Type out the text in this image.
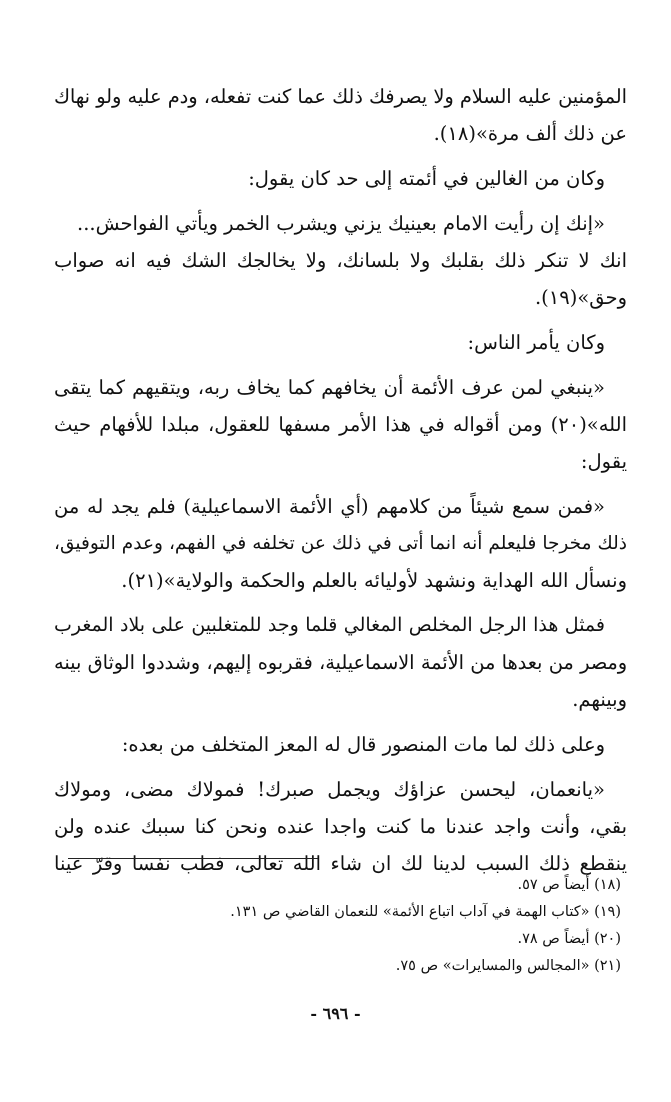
المؤمنين عليه السلام ولا يصرفك ذلك عما كنت تفعله، ودم عليه ولو نهاك
عن ذلك ألف مرة»(١٨).
وكان من الغالين في أئمته إلى حد كان يقول:
«إنك إن رأيت الامام بعينيك يزني ويشرب الخمر ويأتي الفواحش...
انك لا تنكر ذلك بقلبك ولا بلسانك، ولا يخالجك الشك فيه انه صواب
وحق»(١٩).
وكان يأمر الناس:
«ينبغي لمن عرف الأئمة أن يخافهم كما يخاف ربه، ويتقيهم كما يتقى
الله»(٢٠) ومن أقواله في هذا الأمر مسفها للعقول، مبلدا للأفهام حيث
يقول:
«فمن سمع شيئاً من كلامهم (أي الأئمة الاسماعيلية) فلم يجد له من
ذلك مخرجا فليعلم أنه انما أتى في ذلك عن تخلفه في الفهم، وعدم التوفيق،
ونسأل الله الهداية ونشهد لأوليائه بالعلم والحكمة والولاية»(٢١).
فمثل هذا الرجل المخلص المغالي قلما وجد للمتغلبين على بلاد المغرب
ومصر من بعدها من الأئمة الاسماعيلية، فقربوه إليهم، وشددوا الوثاق بينه
وبينهم.
وعلى ذلك لما مات المنصور قال له المعز المتخلف من بعده:
«يانعمان، ليحسن عزاؤك ويجمل صبرك! فمولاك مضى، ومولاك
بقي، وأنت واجد عندنا ما كنت واجدا عنده ونحن كنا سببك عنده ولن
ينقطع ذلك السبب لدينا لك ان شاء الله تعالى، فطب نفسا وقرّ عينا
(١٨) أيضاً ص ٥٧.
(١٩) «كتاب الهمة في آداب اتباع الأئمة» للنعمان القاضي ص ١٣١.
(٢٠) أيضاً ص ٧٨.
(٢١) «المجالس والمسايرات» ص ٧٥.
- ٦٩٦ -
